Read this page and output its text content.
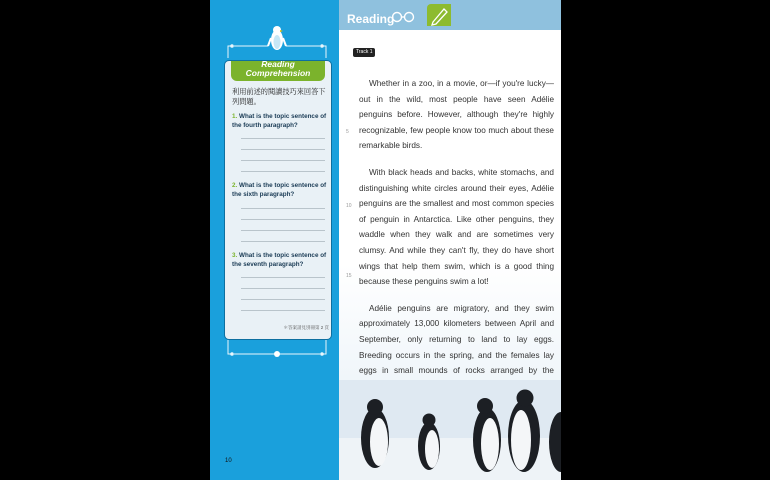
Reading
Comprehension
利用前述的閱讀技巧來回答下列問題。
1. What is the topic sentence of the fourth paragraph?
2. What is the topic sentence of the sixth paragraph?
3. What is the topic sentence of the seventh paragraph?
＊答案請見別冊第 2 頁
10
Reading
Track 1

Whether in a zoo, in a movie, or—if you're lucky—out in the wild, most people have seen Adélie penguins before. However, although they're highly recognizable, few people know too much about these remarkable birds.

With black heads and backs, white stomachs, and distinguishing white circles around their eyes, Adélie penguins are the smallest and most common species of penguin in Antarctica. Like other penguins, they waddle when they walk and are sometimes very clumsy. And while they can't fly, they do have short wings that help them swim, which is a good thing because these penguins swim a lot!

Adélie penguins are migratory, and they swim approximately 13,000 kilometers between April and September, only returning to land to lay eggs. Breeding occurs in the spring, and the females lay eggs in small mounds of rocks arranged by the

5
10
15
